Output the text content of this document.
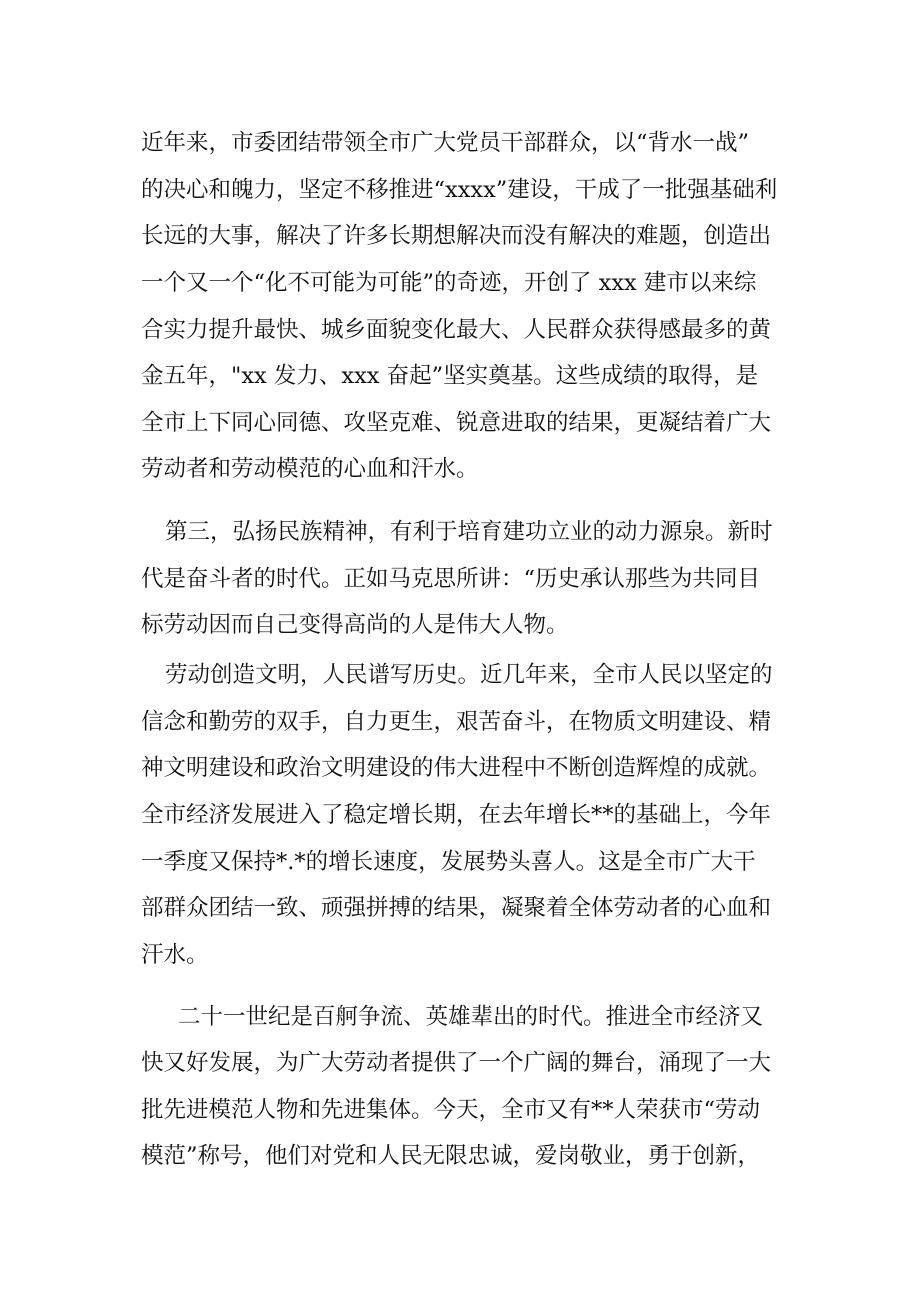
近年来，市委团结带领全市广大党员干部群众，以“背水一战”
的决心和魄力，坚定不移推进“xxxx”建设，干成了一批强基础利
长远的大事，解决了许多长期想解决而没有解决的难题，创造出
一个又一个“化不可能为可能”的奇迹，开创了 xxx 建市以来综
合实力提升最快、城乡面貌变化最大、人民群众获得感最多的黄
金五年，"xx 发力、xxx 奋起”坚实奠基。这些成绩的取得，是
全市上下同心同德、攻坚克难、锐意进取的结果，更凝结着广大
劳动者和劳动模范的心血和汗水。
第三，弘扬民族精神，有利于培育建功立业的动力源泉。新时
代是奋斗者的时代。正如马克思所讲：“历史承认那些为共同目
标劳动因而自己变得高尚的人是伟大人物。
劳动创造文明，人民谱写历史。近几年来，全市人民以坚定的
信念和勤劳的双手，自力更生，艰苦奋斗，在物质文明建设、精
神文明建设和政治文明建设的伟大进程中不断创造辉煌的成就。
全市经济发展进入了稳定增长期，在去年增长**的基础上，今年
一季度又保持*.*的增长速度，发展势头喜人。这是全市广大干
部群众团结一致、顽强拼搏的结果，凝聚着全体劳动者的心血和
汗水。
二十一世纪是百舸争流、英雄辈出的时代。推进全市经济又
快又好发展，为广大劳动者提供了一个广阔的舞台，涌现了一大
批先进模范人物和先进集体。今天，全市又有**人荣获市“劳动
模范”称号，他们对党和人民无限忠诚，爱岗敬业，勇于创新，
